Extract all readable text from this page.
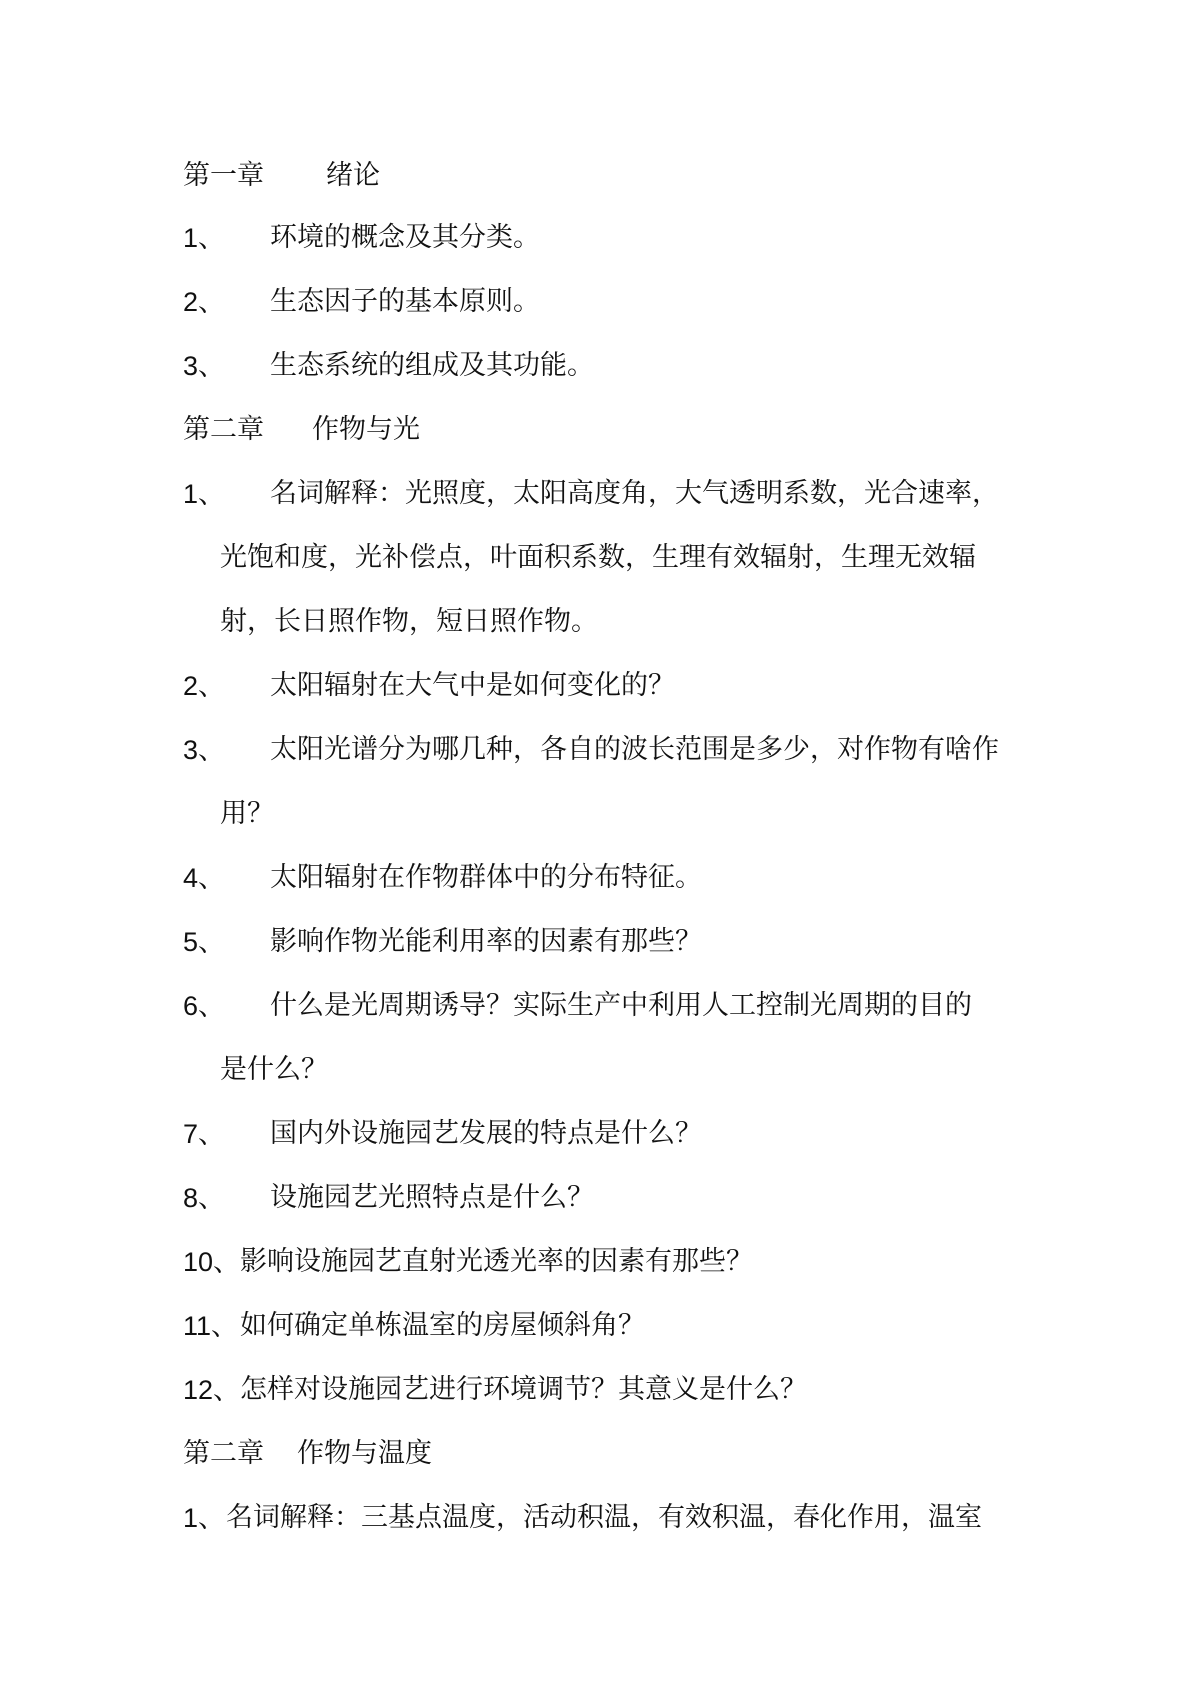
第一章 绪论
1、 环境的概念及其分类。
2、 生态因子的基本原则。
3、 生态系统的组成及其功能。
第二章 作物与光
1、 名词解释：光照度，太阳高度角，大气透明系数，光合速率，
光饱和度，光补偿点，叶面积系数，生理有效辐射，生理无效辐
射，长日照作物，短日照作物。
2、 太阳辐射在大气中是如何变化的？
3、 太阳光谱分为哪几种，各自的波长范围是多少，对作物有啥作
用？
4、 太阳辐射在作物群体中的分布特征。
5、 影响作物光能利用率的因素有那些？
6、 什么是光周期诱导？实际生产中利用人工控制光周期的目的
是什么？
7、 国内外设施园艺发展的特点是什么？
8、 设施园艺光照特点是什么？
10、 影响设施园艺直射光透光率的因素有那些？
11、 如何确定单栋温室的房屋倾斜角？
12、 怎样对设施园艺进行环境调节？其意义是什么？
第二章 作物与温度
1、 名词解释：三基点温度，活动积温，有效积温，春化作用，温室
